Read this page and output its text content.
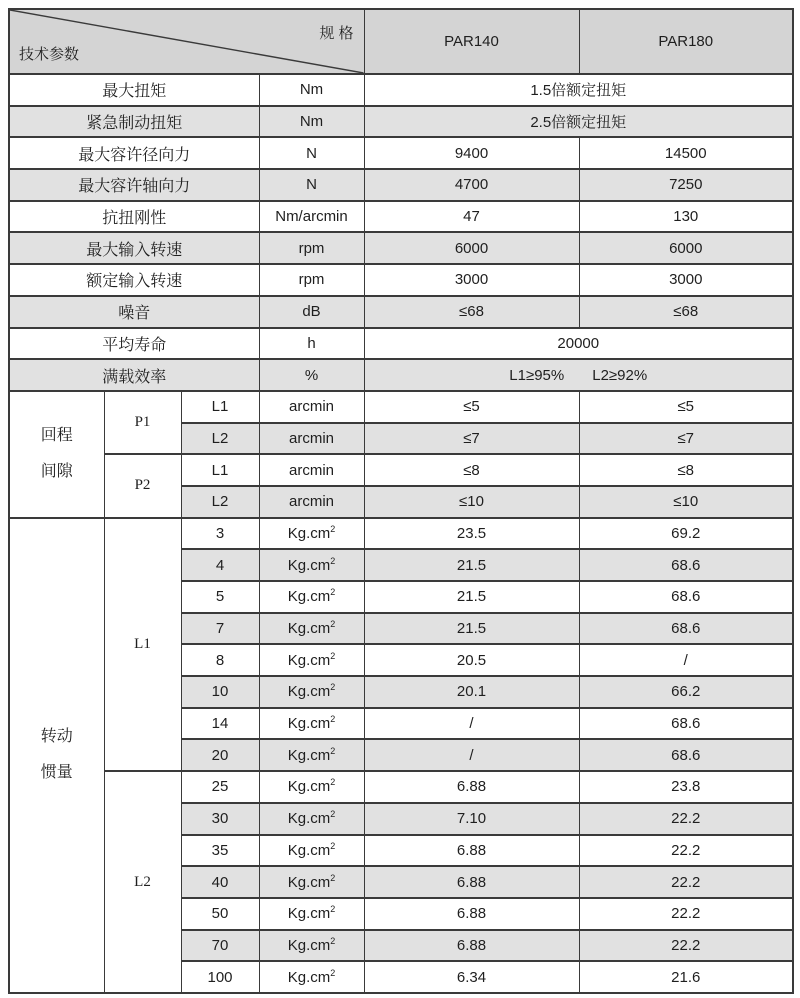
规 格
技术参数				PAR140	PAR180
最大扭矩			Nm	1.5倍额定扭矩	
紧急制动扭矩			Nm	2.5倍额定扭矩	
最大容许径向力			N	9400	14500
最大容许轴向力			N	4700	7250
抗扭刚性			Nm/arcmin	47	130
最大输入转速			rpm	6000	6000
额定输入转速			rpm	3000	3000
噪音			dB	≤68	≤68
平均寿命			h	20000	
满载效率			%	L1≥95% L2≥92%	

回程
间隙	P1	L1	arcmin	≤5	≤5
		L2	arcmin	≤7	≤7
	P2	L1	arcmin	≤8	≤8
		L2	arcmin	≤10	≤10

转动
惯量	L1	3	$Kg.cm^2$	23.5	69.2
		4	$Kg.cm^2$	21.5	68.6
		5	$Kg.cm^2$	21.5	68.6
		7	$Kg.cm^2$	21.5	68.6
		8	$Kg.cm^2$	20.5	/
		10	$Kg.cm^2$	20.1	66.2
		14	$Kg.cm^2$	/	68.6
		20	$Kg.cm^2$	/	68.6
	L2	25	$Kg.cm^2$	6.88	23.8
		30	$Kg.cm^2$	7.10	22.2
		35	$Kg.cm^2$	6.88	22.2
		40	$Kg.cm^2$	6.88	22.2
		50	$Kg.cm^2$	6.88	22.2
		70	$Kg.cm^2$	6.88	22.2
		100	$Kg.cm^2$	6.34	21.6
